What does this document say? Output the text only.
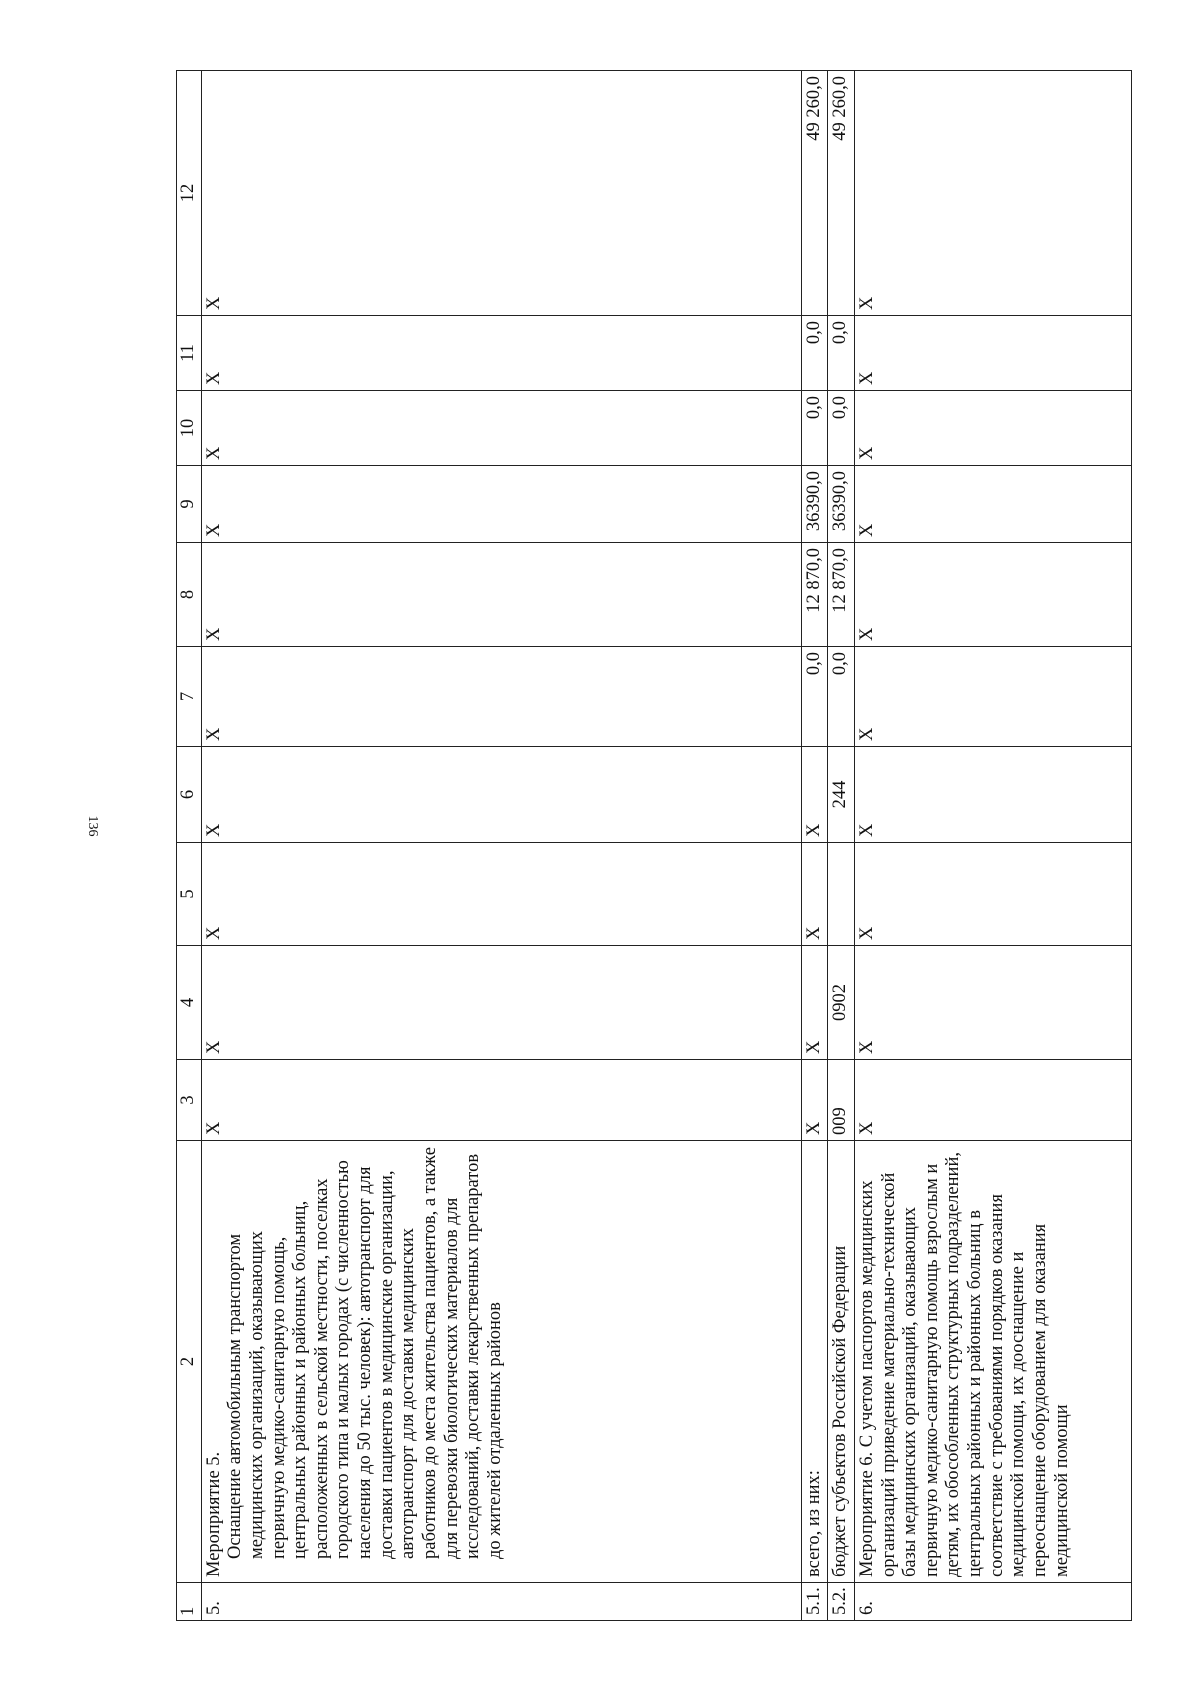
136
1	2	3	4	5	6	7	8	9	10	11	12
5.	Мероприятие 5. Оснащение автомобильным транспортом медицинских организаций, оказывающих первичную медико-санитарную помощь, центральных районных и районных больниц, расположенных в сельской местности, поселках городского типа и малых городах (с численностью населения до 50 тыс. человек): автотранспорт для доставки пациентов в медицинские организации, автотранспорт для доставки медицинских работников до места жительства пациентов, а также для перевозки биологических материалов для исследований, доставки лекарственных препаратов до жителей отдаленных районов	X	X	X	X	X	X	X	X	X	X
5.1.	всего, из них:	X	X	X	X	0,0	12 870,0	36390,0	0,0	0,0	49 260,0
5.2.	бюджет субъектов Российской Федерации	009	0902		244	0,0	12 870,0	36390,0	0,0	0,0	49 260,0
6.	Мероприятие 6. С учетом паспортов медицинских организаций приведение материально-технической базы медицинских организаций, оказывающих первичную медико-санитарную помощь взрослым и детям, их обособленных структурных подразделений, центральных районных и районных больниц в соответствие с требованиями порядков оказания медицинской помощи, их дооснащение и переоснащение оборудованием для оказания медицинской помощи	X	X	X	X	X	X	X	X	X	X
